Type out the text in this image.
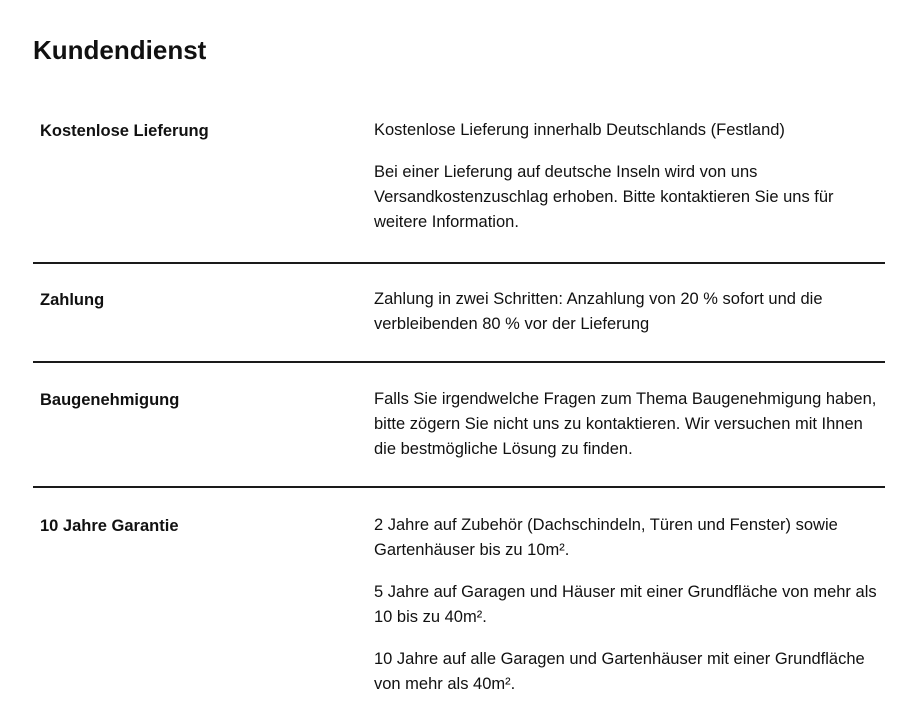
Kundendienst
Kostenlose Lieferung	Kostenlose Lieferung innerhalb Deutschlands (Festland)

Bei einer Lieferung auf deutsche Inseln wird von uns Versandkostenzuschlag erhoben. Bitte kontaktieren Sie uns für weitere Information.

Zahlung	Zahlung in zwei Schritten: Anzahlung von 20 % sofort und die verbleibenden 80 % vor der Lieferung

Baugenehmigung	Falls Sie irgendwelche Fragen zum Thema Baugenehmigung haben, bitte zögern Sie nicht uns zu kontaktieren. Wir versuchen mit Ihnen die bestmögliche Lösung zu finden.

10 Jahre Garantie	2 Jahre auf Zubehör (Dachschindeln, Türen und Fenster) sowie Gartenhäuser bis zu 10m².

5 Jahre auf Garagen und Häuser mit einer Grundfläche von mehr als 10 bis zu 40m².

10 Jahre auf alle Garagen und Gartenhäuser mit einer Grundfläche von mehr als 40m².
